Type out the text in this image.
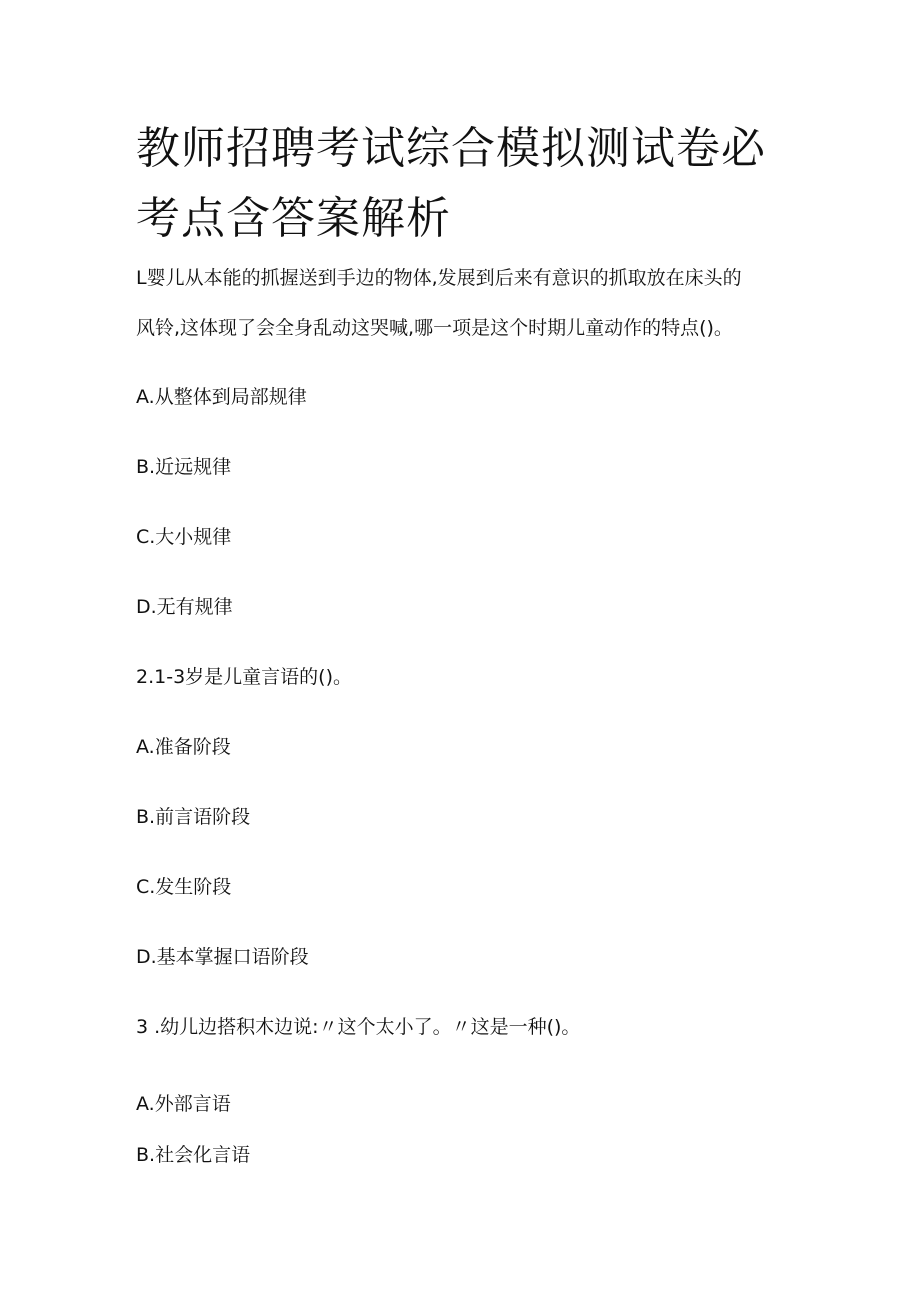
教师招聘考试综合模拟测试卷必考点含答案解析

L婴儿从本能的抓握送到手边的物体,发展到后来有意识的抓取放在床头的

风铃,这体现了会全身乱动这哭喊,哪一项是这个时期儿童动作的特点()。

A.从整体到局部规律

B.近远规律

C.大小规律

D.无有规律

2.1-3岁是儿童言语的()。

A.准备阶段

B.前言语阶段

C.发生阶段

D.基本掌握口语阶段

3 .幼儿边搭积木边说:〃这个太小了。〃这是一种()。

A.外部言语

B.社会化言语
